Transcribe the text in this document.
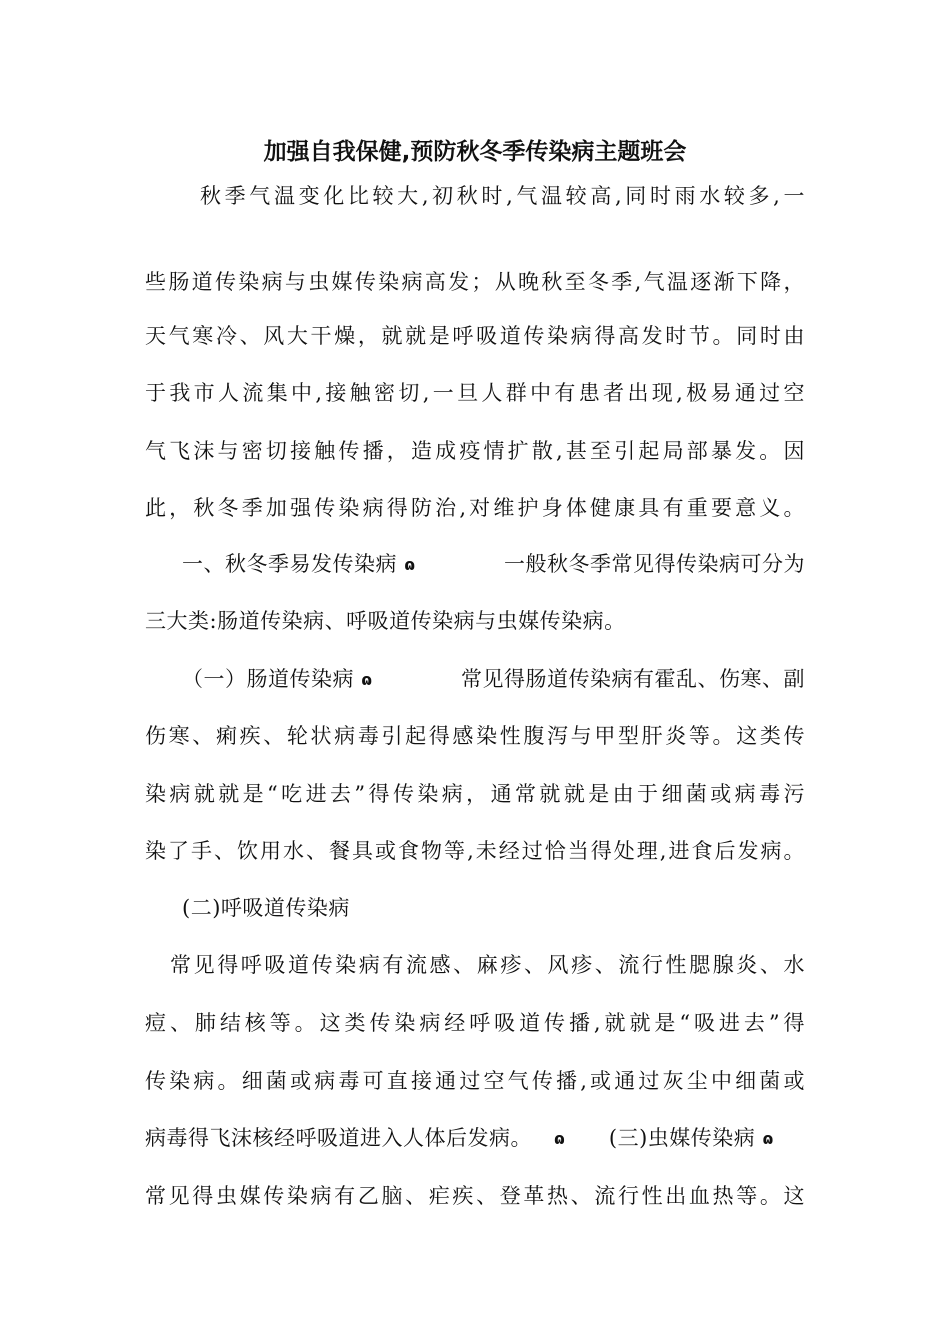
加强自我保健,预防秋冬季传染病主题班会
秋季气温变化比较大,初秋时,气温较高,同时雨水较多,一
些肠道传染病与虫媒传染病高发；从晚秋至冬季,气温逐渐下降，
天气寒冷、风大干燥，就就是呼吸道传染病得高发时节。同时由
于我市人流集中,接触密切,一旦人群中有患者出现,极易通过空
气飞沫与密切接触传播，造成疫情扩散,甚至引起局部暴发。因
此，秋冬季加强传染病得防治,对维护身体健康具有重要意义。
一、秋冬季易发传染病 ɷ	一般秋冬季常见得传染病可分为
三大类:肠道传染病、呼吸道传染病与虫媒传染病。
（一）肠道传染病 ɷ	常见得肠道传染病有霍乱、伤寒、副
伤寒、痢疾、轮状病毒引起得感染性腹泻与甲型肝炎等。这类传
染病就就是“吃进去”得传染病，通常就就是由于细菌或病毒污
染了手、饮用水、餐具或食物等,未经过恰当得处理,进食后发病。
(二)呼吸道传染病
常见得呼吸道传染病有流感、麻疹、风疹、流行性腮腺炎、水
痘、肺结核等。这类传染病经呼吸道传播,就就是“吸进去”得
传染病。细菌或病毒可直接通过空气传播,或通过灰尘中细菌或
病毒得飞沫核经呼吸道进入人体后发病。 ɷ (三)虫媒传染病 ɷ
常见得虫媒传染病有乙脑、疟疾、登革热、流行性出血热等。这
